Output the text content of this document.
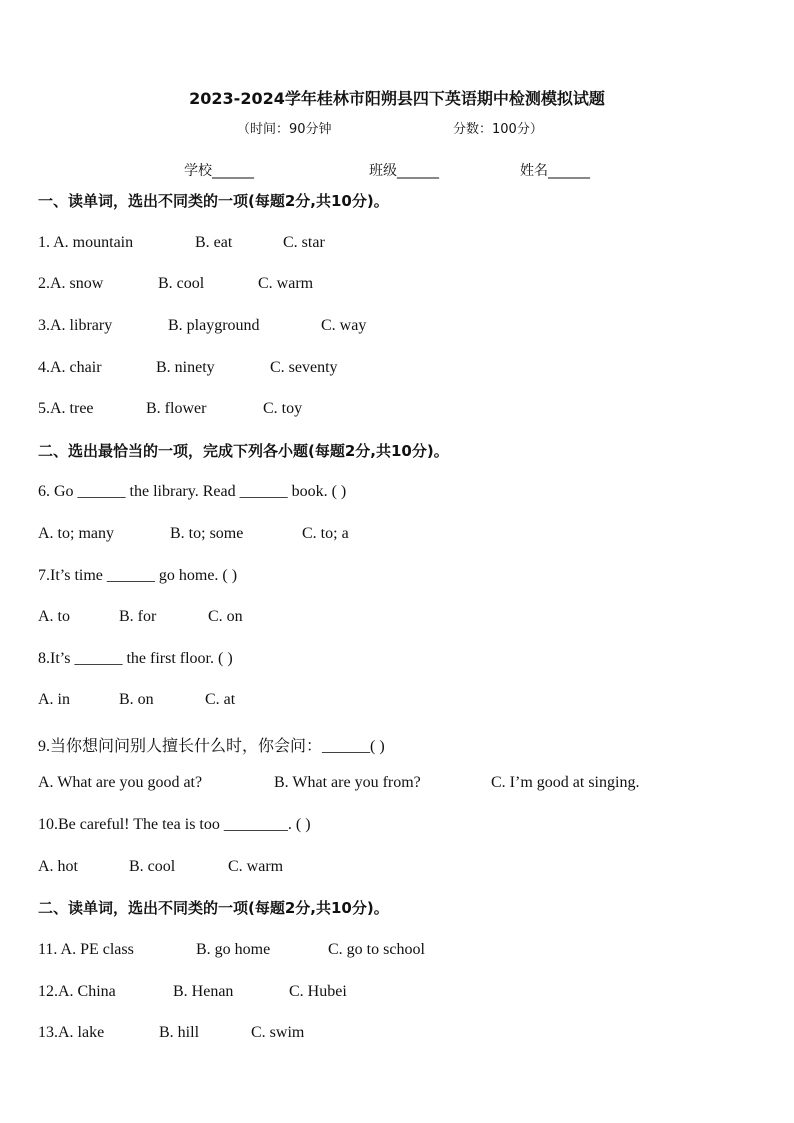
2023-2024学年桂林市阳朔县四下英语期中检测模拟试题
（时间：90分钟	分数：100分）
学校______	班级______	姓名______
一、读单词，选出不同类的一项(每题2分,共10分)。
1. A. mountain	B. eat	C. star
2.A. snow	B. cool	C. warm
3.A. library	B. playground	C. way
4.A. chair	B. ninety	C. seventy
5.A. tree	B. flower	C. toy
二、选出最恰当的一项，完成下列各小题(每题2分,共10分)。
6. Go ______ the library. Read ______ book. ( )
A. to; many	B. to; some	C. to; a
7.It’s time ______ go home. ( )
A. to	B. for	C. on
8.It’s ______ the first floor. ( )
A. in	B. on	C. at
9.当你想问问别人擅长什么时，你会问：______( )
A. What are you good at?	B. What are you from?	C. I’m good at singing.
10.Be careful! The tea is too ________. ( )
A. hot	B. cool	C. warm
二、读单词，选出不同类的一项(每题2分,共10分)。
11. A. PE class	B. go home	C. go to school
12.A. China	B. Henan	C. Hubei
13.A. lake	B. hill	C. swim
